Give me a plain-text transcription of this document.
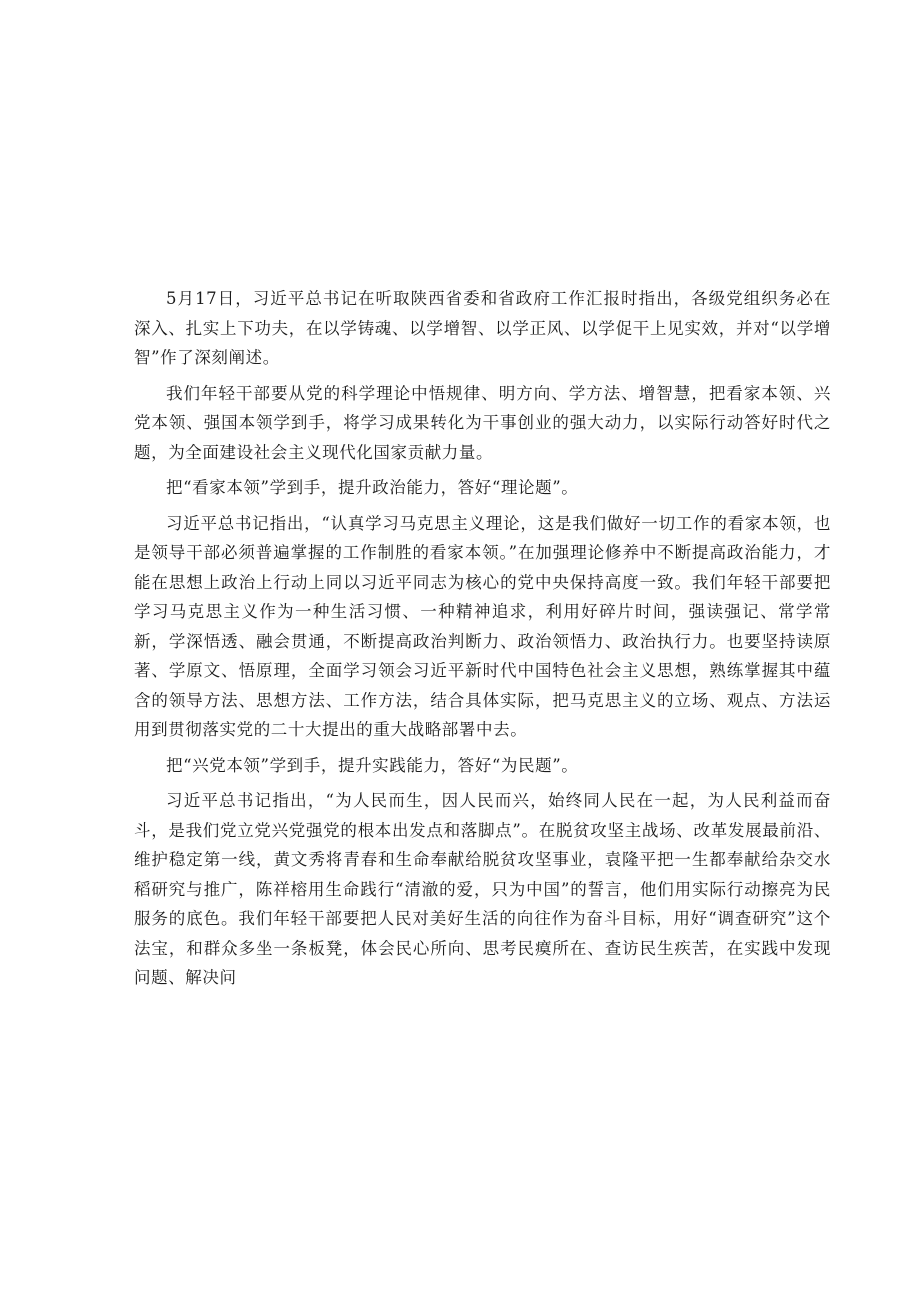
5月17日，习近平总书记在听取陕西省委和省政府工作汇报时指出，各级党组织务必在深入、扎实上下功夫，在以学铸魂、以学增智、以学正风、以学促干上见实效，并对“以学增智”作了深刻阐述。

我们年轻干部要从党的科学理论中悟规律、明方向、学方法、增智慧，把看家本领、兴党本领、强国本领学到手，将学习成果转化为干事创业的强大动力，以实际行动答好时代之题，为全面建设社会主义现代化国家贡献力量。

把“看家本领”学到手，提升政治能力，答好“理论题”。

习近平总书记指出，“认真学习马克思主义理论，这是我们做好一切工作的看家本领，也是领导干部必须普遍掌握的工作制胜的看家本领。”在加强理论修养中不断提高政治能力，才能在思想上政治上行动上同以习近平同志为核心的党中央保持高度一致。我们年轻干部要把学习马克思主义作为一种生活习惯、一种精神追求，利用好碎片时间，强读强记、常学常新，学深悟透、融会贯通，不断提高政治判断力、政治领悟力、政治执行力。也要坚持读原著、学原文、悟原理，全面学习领会习近平新时代中国特色社会主义思想，熟练掌握其中蕴含的领导方法、思想方法、工作方法，结合具体实际，把马克思主义的立场、观点、方法运用到贯彻落实党的二十大提出的重大战略部署中去。

把“兴党本领”学到手，提升实践能力，答好“为民题”。

习近平总书记指出，“为人民而生，因人民而兴，始终同人民在一起，为人民利益而奋斗，是我们党立党兴党强党的根本出发点和落脚点”。在脱贫攻坚主战场、改革发展最前沿、维护稳定第一线，黄文秀将青春和生命奉献给脱贫攻坚事业，袁隆平把一生都奉献给杂交水稻研究与推广，陈祥榕用生命践行“清澈的爱，只为中国”的誓言，他们用实际行动擦亮为民服务的底色。我们年轻干部要把人民对美好生活的向往作为奋斗目标，用好“调查研究”这个法宝，和群众多坐一条板凳，体会民心所向、思考民瘼所在、查访民生疾苦，在实践中发现问题、解决问
